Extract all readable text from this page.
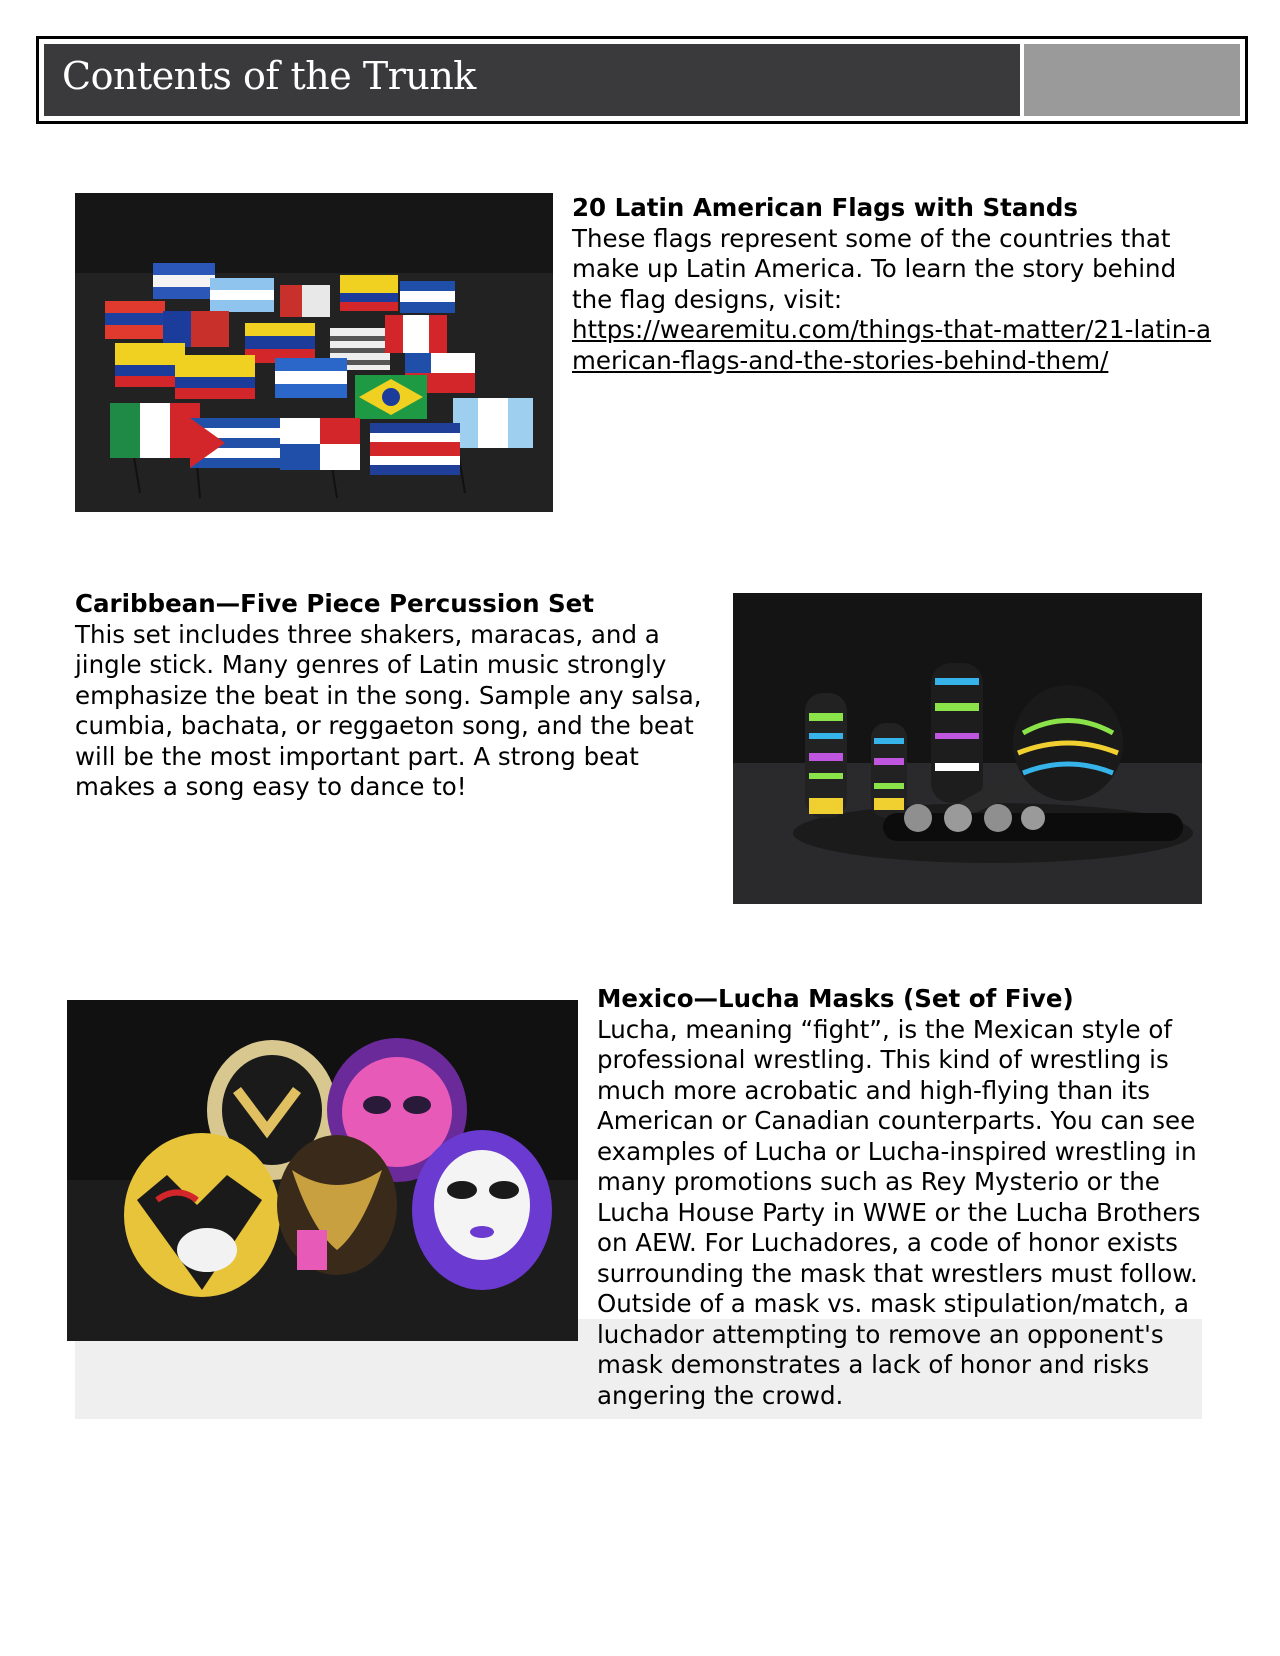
Contents of the Trunk
20 Latin American Flags with Stands

These flags represent some of the countries that make up Latin America. To learn the story behind the flag designs, visit:

https://wearemitu.com/things-that-matter/21-latin-american-flags-and-the-stories-behind-them/
Caribbean—Five Piece Percussion Set

This set includes three shakers, maracas, and a jingle stick. Many genres of Latin music strongly emphasize the beat in the song. Sample any salsa, cumbia, bachata, or reggaeton song, and the beat will be the most important part. A strong beat makes a song easy to dance to!

Mexico—Lucha Masks (Set of Five)

Lucha, meaning “fight”, is the Mexican style of professional wrestling. This kind of wrestling is much more acrobatic and high-flying than its American or Canadian counterparts. You can see examples of Lucha or Lucha-inspired wrestling in many promotions such as Rey Mysterio or the Lucha House Party in WWE or the Lucha Brothers on AEW. For Luchadores, a code of honor exists surrounding the mask that wrestlers must follow. Outside of a mask vs. mask stipulation/match, a luchador attempting to remove an opponent's mask demonstrates a lack of honor and risks angering the crowd.
